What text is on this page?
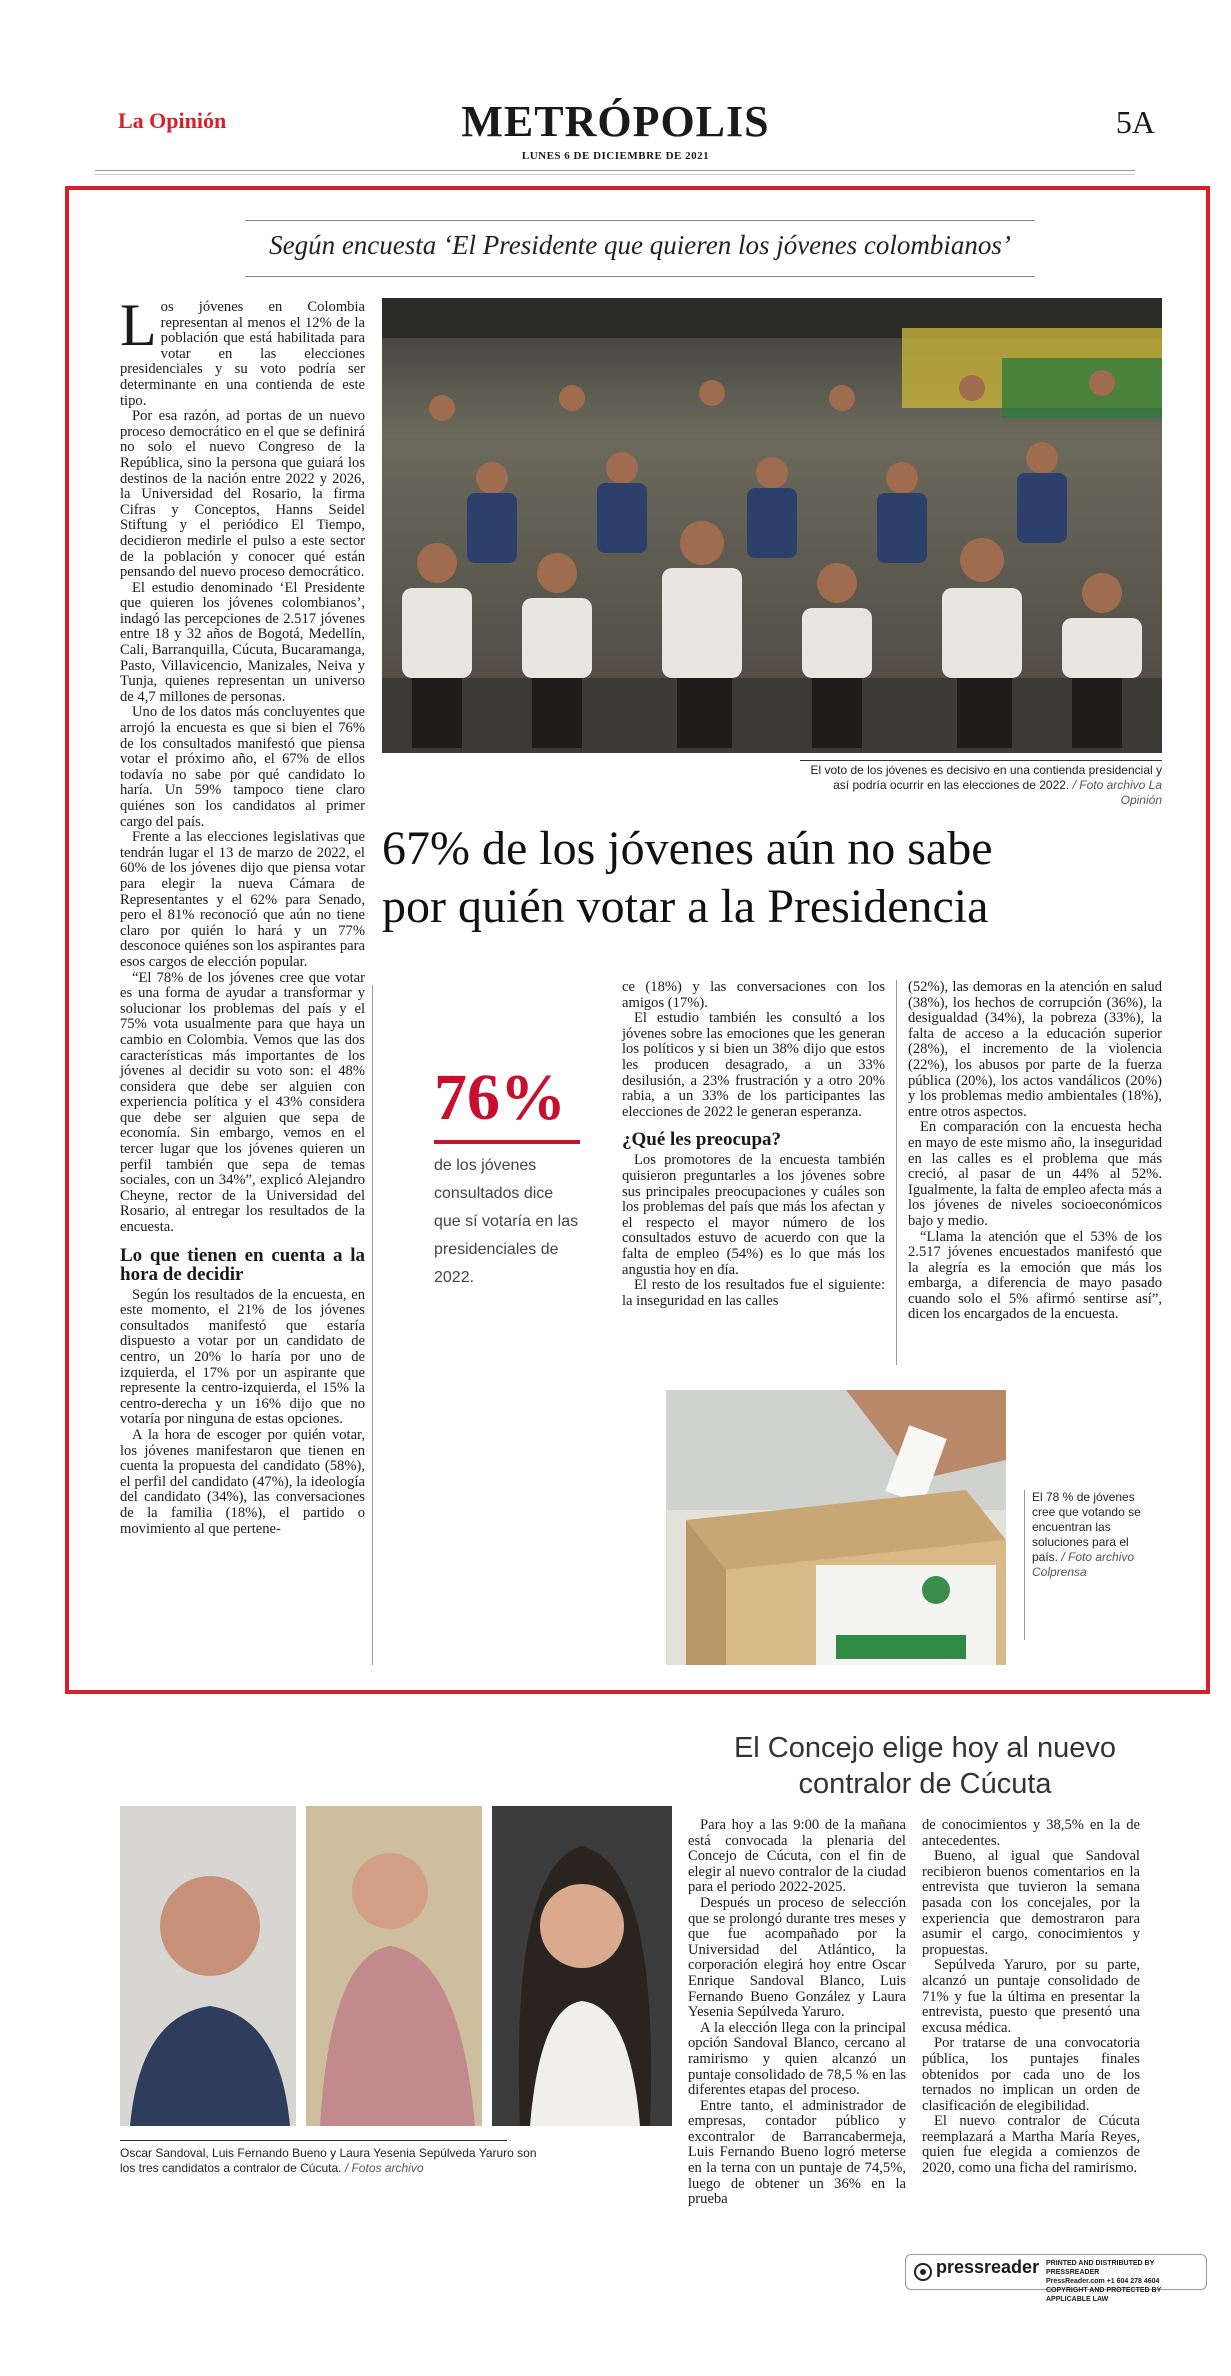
La Opinión	METRÓPOLIS
LUNES 6 DE DICIEMBRE DE 2021
5A
Según encuesta ‘El Presidente que quieren los jóvenes colombianos’

Los jóvenes en Colombia representan al menos el 12% de la población que está habilitada para votar en las elecciones presidenciales y su voto podría ser determinante en una contienda de este tipo.

Por esa razón, ad portas de un nuevo proceso democrático en el que se definirá no solo el nuevo Congreso de la República, sino la persona que guiará los destinos de la nación entre 2022 y 2026, la Universidad del Rosario, la firma Cifras y Conceptos, Hanns Seidel Stiftung y el periódico El Tiempo, decidieron medirle el pulso a este sector de la población y conocer qué están pensando del nuevo proceso democrático.

El estudio denominado ‘El Presidente que quieren los jóvenes colombianos’, indagó las percepciones de 2.517 jóvenes entre 18 y 32 años de Bogotá, Medellín, Cali, Barranquilla, Cúcuta, Bucaramanga, Pasto, Villavicencio, Manizales, Neiva y Tunja, quienes representan un universo de 4,7 millones de personas.

Uno de los datos más concluyentes que arrojó la encuesta es que si bien el 76% de los consultados manifestó que piensa votar el próximo año, el 67% de ellos todavía no sabe por qué candidato lo haría. Un 59% tampoco tiene claro quiénes son los candidatos al primer cargo del país.

Frente a las elecciones legislativas que tendrán lugar el 13 de marzo de 2022, el 60% de los jóvenes dijo que piensa votar para elegir la nueva Cámara de Representantes y el 62% para Senado, pero el 81% reconoció que aún no tiene claro por quién lo hará y un 77% desconoce quiénes son los aspirantes para esos cargos de elección popular.

“El 78% de los jóvenes cree que votar es una forma de ayudar a transformar y solucionar los problemas del país y el 75% vota usualmente para que haya un cambio en Colombia. Vemos que las dos características más importantes de los jóvenes al decidir su voto son: el 48% considera que debe ser alguien con experiencia política y el 43% considera que debe ser alguien que sepa de economía. Sin embargo, vemos en el tercer lugar que los jóvenes quieren un perfil también que sepa de temas sociales, con un 34%”, explicó Alejandro Cheyne, rector de la Universidad del Rosario, al entregar los resultados de la encuesta.

Lo que tienen en cuenta a la hora de decidir

Según los resultados de la encuesta, en este momento, el 21% de los jóvenes consultados manifestó que estaría dispuesto a votar por un candidato de centro, un 20% lo haría por uno de izquierda, el 17% por un aspirante que represente la centro-izquierda, el 15% la centro-derecha y un 16% dijo que no votaría por ninguna de estas opciones.

A la hora de escoger por quién votar, los jóvenes manifestaron que tienen en cuenta la propuesta del candidato (58%), el perfil del candidato (47%), la ideología del candidato (34%), las conversaciones de la familia (18%), el partido o movimiento al que pertene-

El voto de los jóvenes es decisivo en una contienda presidencial y así podría ocurrir en las elecciones de 2022. / Foto archivo La Opinión
67% de los jóvenes aún no sabe
por quién votar a la Presidencia
76%
de los jóvenes consultados dice que sí votaría en las presidenciales de 2022.

ce (18%) y las conversaciones con los amigos (17%).

El estudio también les consultó a los jóvenes sobre las emociones que les generan los políticos y si bien un 38% dijo que estos les producen desagrado, a un 33% desilusión, a 23% frustración y a otro 20% rabia, a un 33% de los participantes las elecciones de 2022 le generan esperanza.

¿Qué les preocupa?

Los promotores de la encuesta también quisieron preguntarles a los jóvenes sobre sus principales preocupaciones y cuáles son los problemas del país que más los afectan y el respecto el mayor número de los consultados estuvo de acuerdo con que la falta de empleo (54%) es lo que más los angustia hoy en día.

El resto de los resultados fue el siguiente: la inseguridad en las calles

(52%), las demoras en la atención en salud (38%), los hechos de corrupción (36%), la desigualdad (34%), la pobreza (33%), la falta de acceso a la educación superior (28%), el incremento de la violencia (22%), los abusos por parte de la fuerza pública (20%), los actos vandálicos (20%) y los problemas medio ambientales (18%), entre otros aspectos.

En comparación con la encuesta hecha en mayo de este mismo año, la inseguridad en las calles es el problema que más creció, al pasar de un 44% al 52%. Igualmente, la falta de empleo afecta más a los jóvenes de niveles socioeconómicos bajo y medio.

“Llama la atención que el 53% de los 2.517 jóvenes encuestados manifestó que la alegría es la emoción que más los embarga, a diferencia de mayo pasado cuando solo el 5% afirmó sentirse así”, dicen los encargados de la encuesta.

El 78 % de jóvenes cree que votando se encuentran las soluciones para el país. / Foto archivo Colprensa
El Concejo elige hoy al nuevo contralor de Cúcuta
Oscar Sandoval, Luis Fernando Bueno y Laura Yesenia Sepúlveda Yaruro son los tres candidatos a contralor de Cúcuta. / Fotos archivo

Para hoy a las 9:00 de la mañana está convocada la plenaria del Concejo de Cúcuta, con el fin de elegir al nuevo contralor de la ciudad para el periodo 2022-2025.

Después un proceso de selección que se prolongó durante tres meses y que fue acompañado por la Universidad del Atlántico, la corporación elegirá hoy entre Oscar Enrique Sandoval Blanco, Luis Fernando Bueno González y Laura Yesenia Sepúlveda Yaruro.

A la elección llega con la principal opción Sandoval Blanco, cercano al ramirismo y quien alcanzó un puntaje consolidado de 78,5 % en las diferentes etapas del proceso.

Entre tanto, el administrador de empresas, contador público y excontralor de Barrancabermeja, Luis Fernando Bueno logró meterse en la terna con un puntaje de 74,5%, luego de obtener un 36% en la prueba

de conocimientos y 38,5% en la de antecedentes.

Bueno, al igual que Sandoval recibieron buenos comentarios en la entrevista que tuvieron la semana pasada con los concejales, por la experiencia que demostraron para asumir el cargo, conocimientos y propuestas.

Sepúlveda Yaruro, por su parte, alcanzó un puntaje consolidado de 71% y fue la última en presentar la entrevista, puesto que presentó una excusa médica.

Por tratarse de una convocatoria pública, los puntajes finales obtenidos por cada uno de los ternados no implican un orden de clasificación de elegibilidad.

El nuevo contralor de Cúcuta reemplazará a Martha María Reyes, quien fue elegida a comienzos de 2020, como una ficha del ramirismo.

pressreader PRINTED AND DISTRIBUTED BY PRESSREADER
PressReader.com +1 604 278 4604
COPYRIGHT AND PROTECTED BY APPLICABLE LAW
